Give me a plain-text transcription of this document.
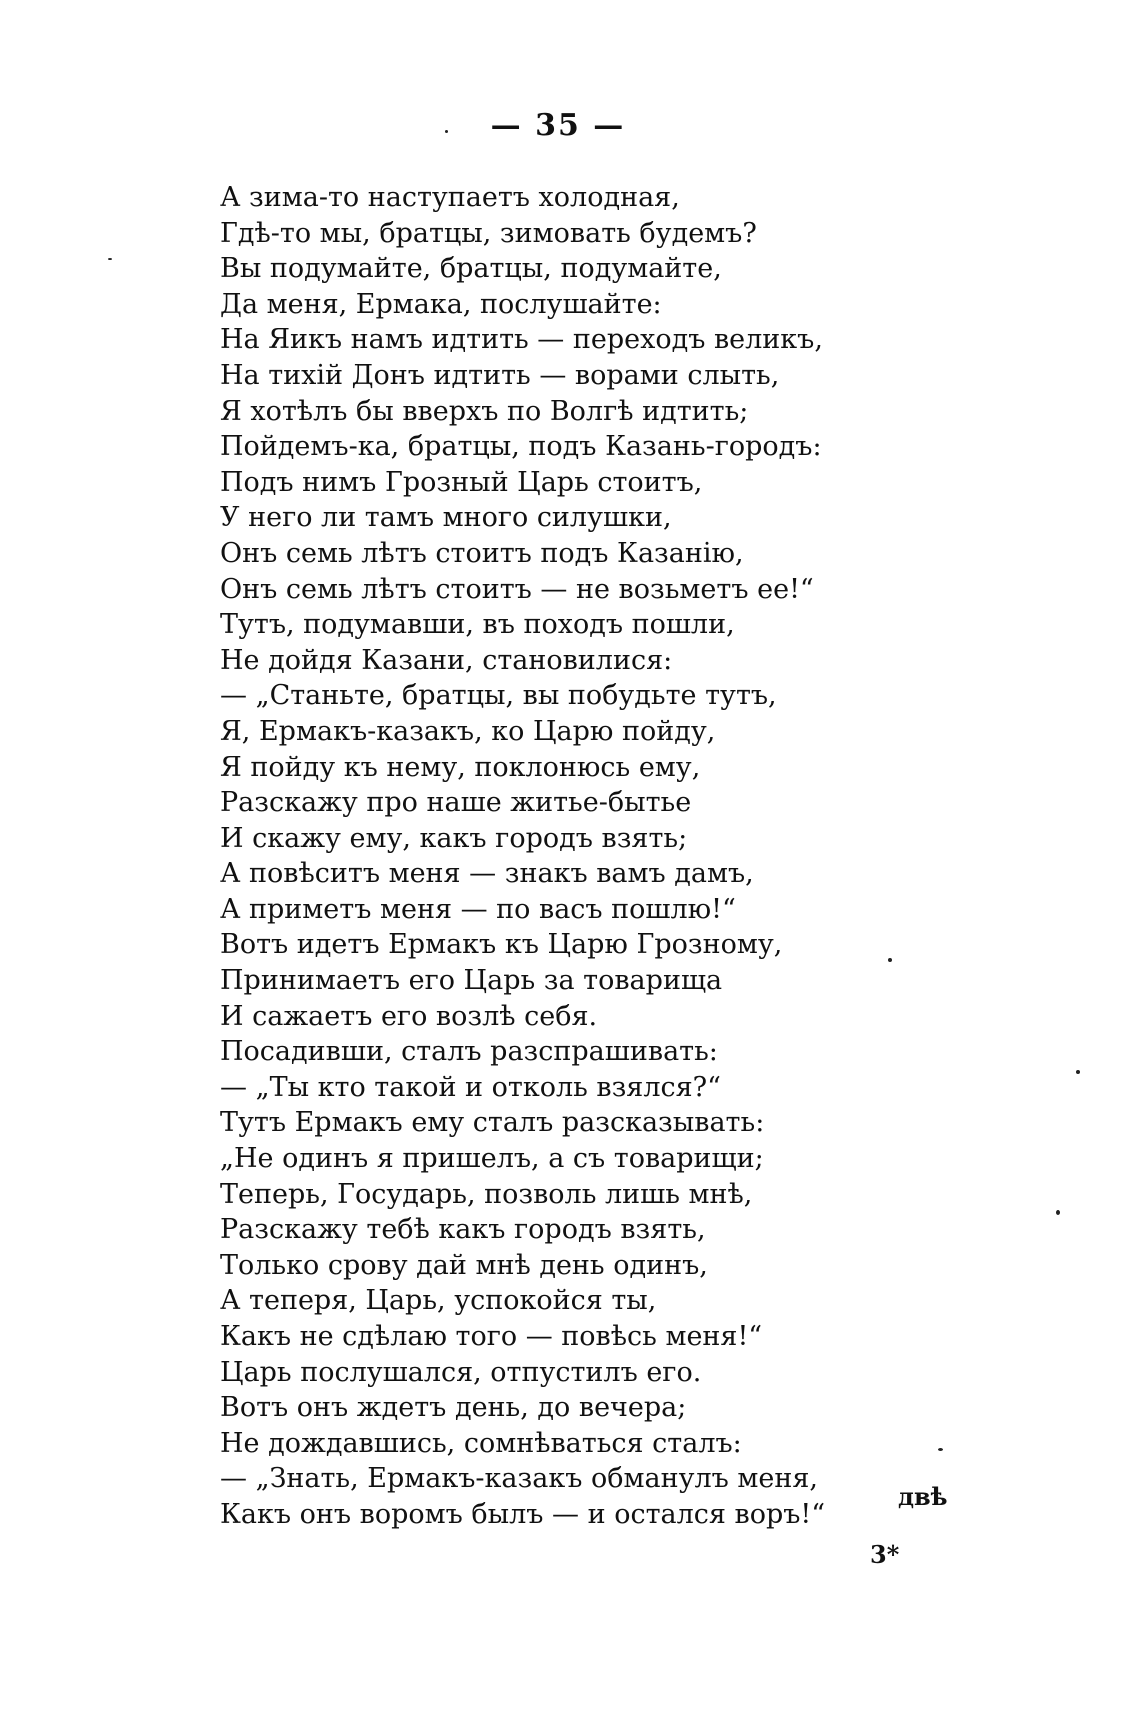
— 35 —
А зима-то наступаетъ холодная,
Гдѣ-то мы, братцы, зимовать будемъ?
Вы подумайте, братцы, подумайте,
Да меня, Ермака, послушайте:
На Яикъ намъ идтить — переходъ великъ,
На тихій Донъ идтить — ворами слыть,
Я хотѣлъ бы вверхъ по Волгѣ идтить;
Пойдемъ-ка, братцы, подъ Казань-городъ:
Подъ нимъ Грозный Царь стоитъ,
У него ли тамъ много силушки,
Онъ семь лѣтъ стоитъ подъ Казанію,
Онъ семь лѣтъ стоитъ — не возьметъ ее!“
Тутъ, подумавши, въ походъ пошли,
Не дойдя Казани, становилися:
— „Станьте, братцы, вы побудьте тутъ,
Я, Ермакъ-казакъ, ко Царю пойду,
Я пойду къ нему, поклонюсь ему,
Разскажу про наше житье-бытье
И скажу ему, какъ городъ взять;
А повѣситъ меня — знакъ вамъ дамъ,
А приметъ меня — по васъ пошлю!“
Вотъ идетъ Ермакъ къ Царю Грозному,
Принимаетъ его Царь за товарища
И сажаетъ его возлѣ себя.
Посадивши, сталъ разспрашивать:
— „Ты кто такой и отколь взялся?“
Тутъ Ермакъ ему сталъ разсказывать:
„Не одинъ я пришелъ, а съ товарищи;
Теперь, Государь, позволь лишь мнѣ,
Разскажу тебѣ какъ городъ взять,
Только срову дай мнѣ день одинъ,
А теперя, Царь, успокойся ты,
Какъ не сдѣлаю того — повѣсь меня!“
Царь послушался, отпустилъ его.
Вотъ онъ ждетъ день, до вечера;
Не дождавшись, сомнѣваться сталъ:
— „Знать, Ермакъ-казакъ обманулъ меня,
Какъ онъ воромъ былъ — и остался воръ!“
двѣ
3*
